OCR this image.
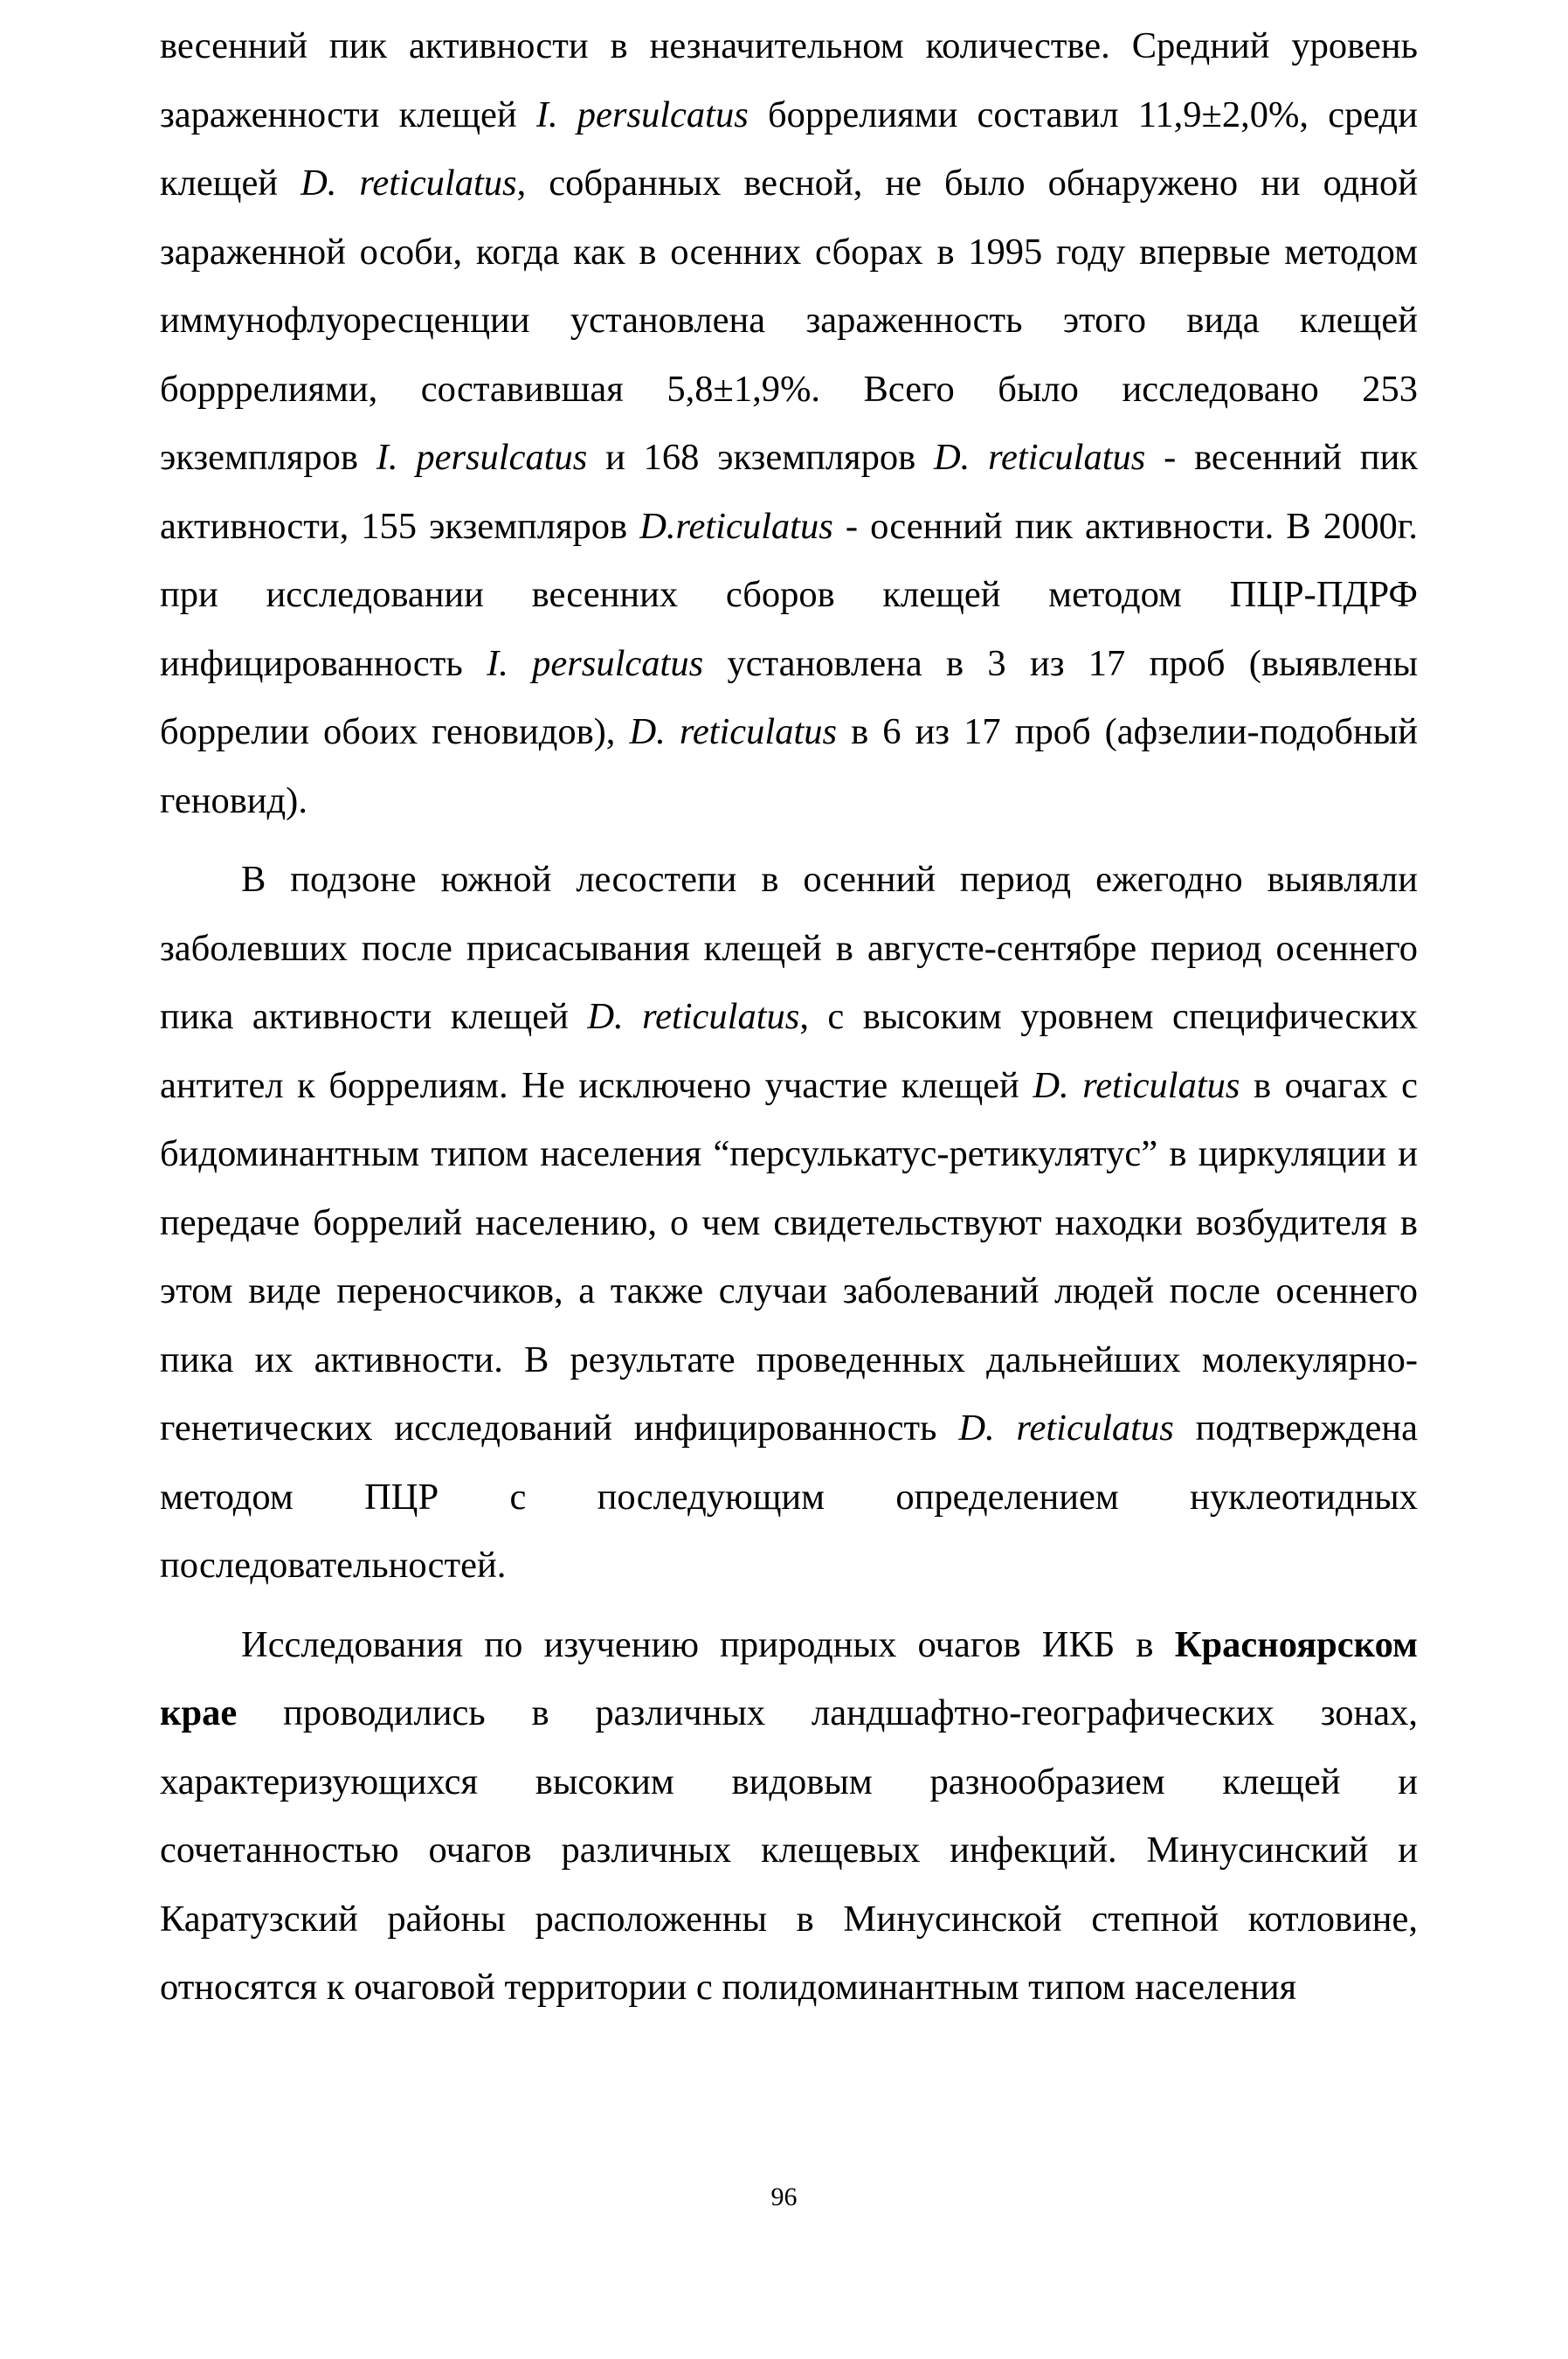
весенний пик активности в незначительном количестве. Средний уровень зараженности клещей I. persulcatus боррелиями составил 11,9±2,0%, среди клещей D. reticulatus, собранных весной, не было обнаружено ни одной зараженной особи, когда как в осенних сборах в 1995 году впервые методом иммунофлуоресценции установлена зараженность этого вида клещей борррелиями, составившая 5,8±1,9%. Всего было исследовано 253 экземпляров I. persulcatus и 168 экземпляров D. reticulatus - весенний пик активности, 155 экземпляров D.reticulatus - осенний пик активности. В 2000г. при исследовании весенних сборов клещей методом ПЦР-ПДРФ инфицированность I. persulcatus установлена в 3 из 17 проб (выявлены боррелии обоих геновидов), D. reticulatus в 6 из 17 проб (афзелии-подобный геновид).

В подзоне южной лесостепи в осенний период ежегодно выявляли заболевших после присасывания клещей в августе-сентябре период осеннего пика активности клещей D. reticulatus, с высоким уровнем специфических антител к боррелиям. Не исключено участие клещей D. reticulatus в очагах с бидоминантным типом населения “персулькатус-ретикулятус” в циркуляции и передаче боррелий населению, о чем свидетельствуют находки возбудителя в этом виде переносчиков, а также случаи заболеваний людей после осеннего пика их активности. В результате проведенных дальнейших молекулярно-генетических исследований инфицированность D. reticulatus подтверждена методом ПЦР с последующим определением нуклеотидных последовательностей.

Исследования по изучению природных очагов ИКБ в Красноярском крае проводились в различных ландшафтно-географических зонах, характеризующихся высоким видовым разнообразием клещей и сочетанностью очагов различных клещевых инфекций. Минусинский и Каратузский районы расположенны в Минусинской степной котловине, относятся к очаговой территории с полидоминантным типом населения

96
